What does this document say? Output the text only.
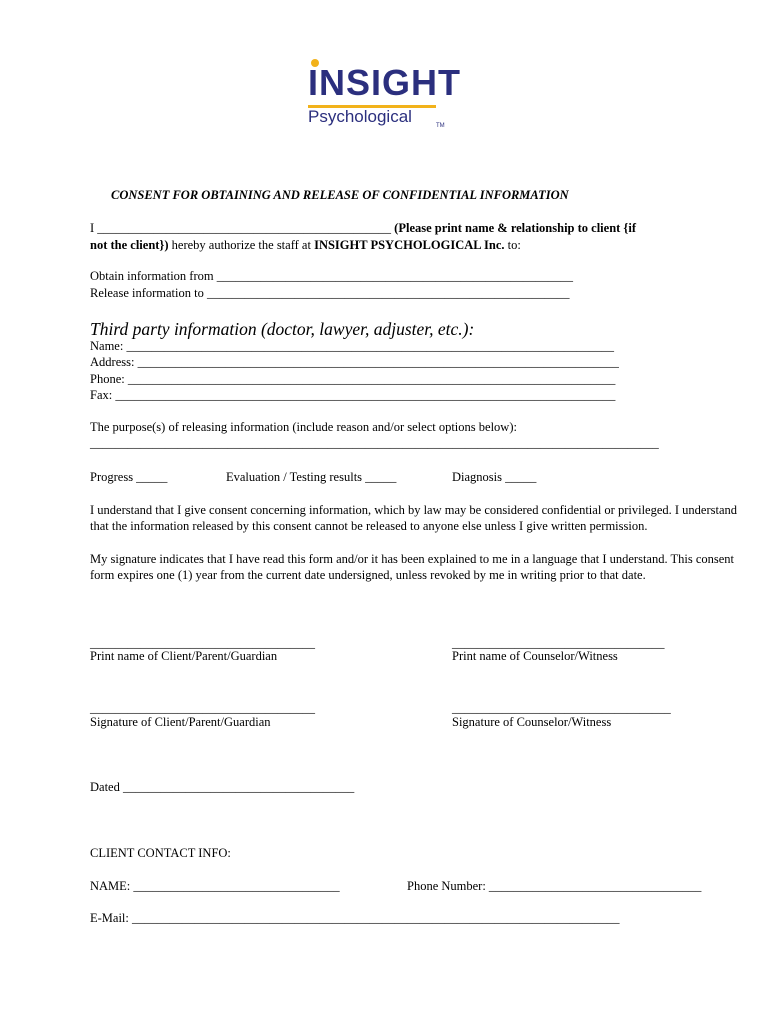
INSIGHT
Psychological	TM
CONSENT FOR OBTAINING AND RELEASE OF CONFIDENTIAL INFORMATION
I _______________________________________________ (Please print name & relationship to client {if
not the client}) hereby authorize the staff at INSIGHT PSYCHOLOGICAL Inc. to:
Obtain information from _________________________________________________________
Release information to __________________________________________________________
Third party information (doctor, lawyer, adjuster, etc.):
Name: ______________________________________________________________________________
Address: _____________________________________________________________________________
Phone: ______________________________________________________________________________
Fax: ________________________________________________________________________________
The purpose(s) of releasing information (include reason and/or select options below):
___________________________________________________________________________________________
Progress _____	Evaluation / Testing results _____	Diagnosis _____
I understand that I give consent concerning information, which by law may be considered confidential or privileged. I understand that the information released by this consent cannot be released to anyone else unless I give written permission.
My signature indicates that I have read this form and/or it has been explained to me in a language that I understand. This consent form expires one (1) year from the current date undersigned, unless revoked by me in writing prior to that date.
____________________________________	__________________________________
Print name of Client/Parent/Guardian	Print name of Counselor/Witness
____________________________________	___________________________________
Signature of Client/Parent/Guardian	Signature of Counselor/Witness
Dated _____________________________________
CLIENT CONTACT INFO:
NAME: _________________________________	Phone Number: __________________________________
E-Mail: ______________________________________________________________________________
